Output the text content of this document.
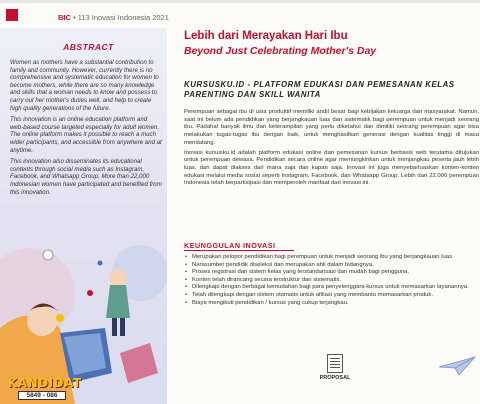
BIC • 113 Inovasi Indonesia 2021
ABSTRACT

Women as mothers have a substantial contribution to family and community. However, currently there is no comprehensive and systematic education for women to become mothers, while there are so many knowledge and skills that a woman needs to know and possess to carry out her mother's duties well, and help to create high quality generations of the future.

This innovation is an online education platform and web-based course targeted especially for adult women. The online platform makes it possible to reach a much wider participants, and accessible from anywhere and at anytime.

This innovation also disseminates its educational contents through social media such as Instagram, Facebook, and Whatsapp Group. More than 22,000 Indonesian women have participated and benefited from this innovation.

KANDIDAT
5849 - 086
Lebih dari Merayakan Hari Ibu
Beyond Just Celebrating Mother's Day
KURSUSKU.ID - PLATFORM EDUKASI DAN PEMESANAN KELAS PARENTING DAN SKILL WANITA

Perempuan sebagai ibu di usia produktif memiliki andil besar bagi kebijakan keluarga dan masyarakat. Namun, saat ini belum ada pendidikan yang berjangkauan luas dan sistematik bagi perempuan untuk menjadi seorang ibu. Padahal banyak ilmu dan keterampilan yang perlu diketahui dan dimiliki seorang perempuan agar bisa melakukan tugas-tugas ibu dengan baik, untuk menghasilkan generasi dengan kualitas tinggi di masa mendatang.

Inovasi kursusku.id adalah platform edukasi online dan pemesanan kursus berbasis web terutama ditujukan untuk perempuan dewasa. Pendidikan secara online agar memungkinkan untuk menjangkau peserta jauh lebih luas, dan dapat diakses dari mana saja dan kapan saja. Inovasi ini juga menyebarluaskan konten-konten edukasi melalui media sosial seperti Instagram, Facebook, dan Whatsapp Group. Lebih dari 22.000 perempuan Indonesia telah berpartisipasi dan memperoleh manfaat dari inovasi ini.

KEUNGGULAN INOVASI
• Merupakan pelopor pendidikan bagi perempuan untuk menjadi seorang ibu yang berjangkauan luas.
• Narasumber pendidik diseleksi dan merupakan ahli dalam bidangnya.
• Proses registrasi dan sistem kelas yang terstandarisasi dan mudah bagi pengguna.
• Konten telah dirancang secara terstruktur dan sistematis.
• Dilengkapi dengan berbagai kemudahan bagi para penyelenggara kursus untuk memasarkan layanannya.
• Telah dilengkapi dengan sistem otomatis untuk afiliasi yang membantu memasarkan produk.
• Biaya mengikuti pendidikan / kursus yang cukup terjangkau.
PROPOSAL
